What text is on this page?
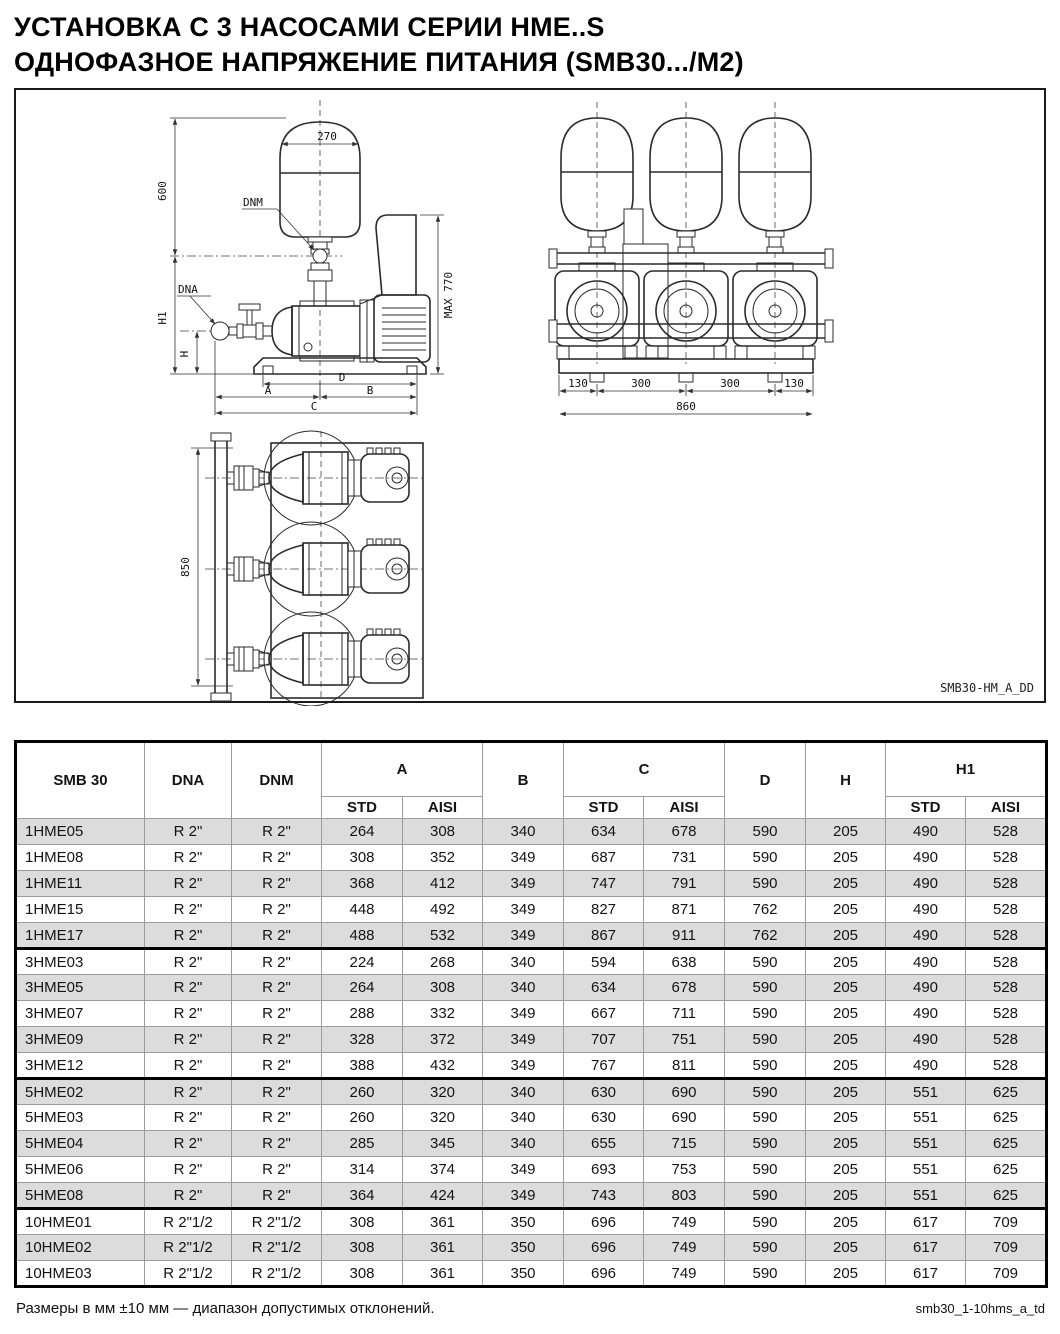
УСТАНОВКА С 3 НАСОСАМИ СЕРИИ HME..S
ОДНОФАЗНОЕ НАПРЯЖЕНИЕ ПИТАНИЯ (SMB30.../M2)
270
DNM
DNA
600
H1
H
MAX 770
D
A	B
C
130	300	300	130
860
850
SMB30-HM_A_DD
SMB 30	DNA	DNM	A		B	C		D	H	H1	
			STD	AISI		STD	AISI			STD	AISI
1HME05	R 2"	R 2"	264	308	340	634	678	590	205	490	528
1HME08	R 2"	R 2"	308	352	349	687	731	590	205	490	528
1HME11	R 2"	R 2"	368	412	349	747	791	590	205	490	528
1HME15	R 2"	R 2"	448	492	349	827	871	762	205	490	528
1HME17	R 2"	R 2"	488	532	349	867	911	762	205	490	528
3HME03	R 2"	R 2"	224	268	340	594	638	590	205	490	528
3HME05	R 2"	R 2"	264	308	340	634	678	590	205	490	528
3HME07	R 2"	R 2"	288	332	349	667	711	590	205	490	528
3HME09	R 2"	R 2"	328	372	349	707	751	590	205	490	528
3HME12	R 2"	R 2"	388	432	349	767	811	590	205	490	528
5HME02	R 2"	R 2"	260	320	340	630	690	590	205	551	625
5HME03	R 2"	R 2"	260	320	340	630	690	590	205	551	625
5HME04	R 2"	R 2"	285	345	340	655	715	590	205	551	625
5HME06	R 2"	R 2"	314	374	349	693	753	590	205	551	625
5HME08	R 2"	R 2"	364	424	349	743	803	590	205	551	625
10HME01	R 2"1/2	R 2"1/2	308	361	350	696	749	590	205	617	709
10HME02	R 2"1/2	R 2"1/2	308	361	350	696	749	590	205	617	709
10HME03	R 2"1/2	R 2"1/2	308	361	350	696	749	590	205	617	709
Размеры в мм ±10 мм — диапазон допустимых отклонений.	smb30_1-10hms_a_td
